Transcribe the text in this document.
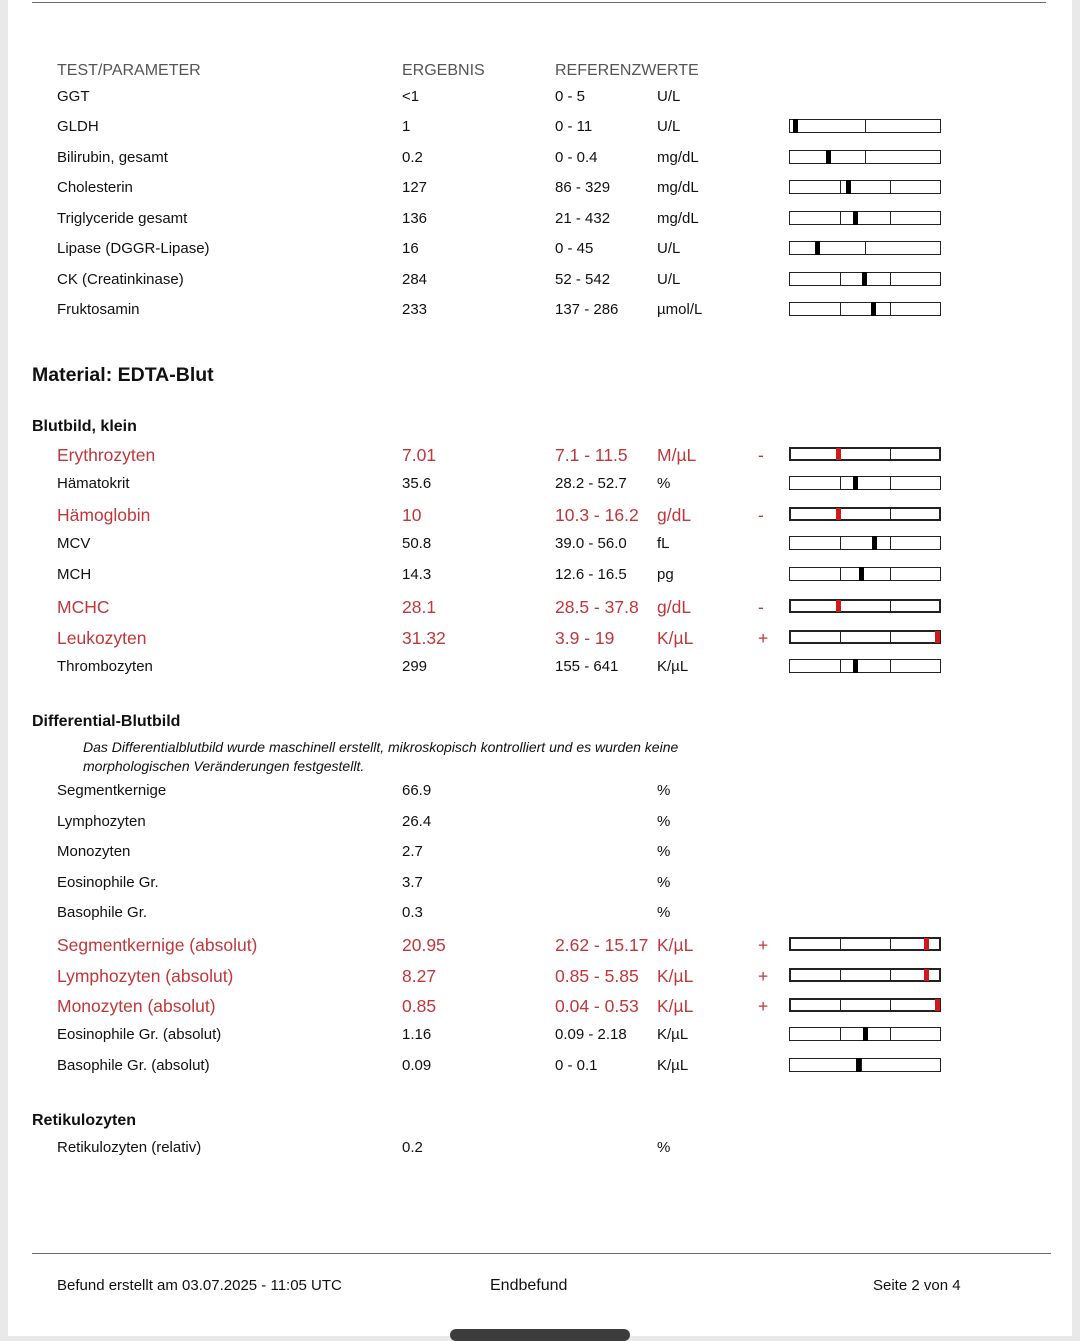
TEST/PARAMETER	ERGEBNIS	REFERENZWERTE
GGT	<1	0 - 5	U/L
GLDH	1	0 - 11	U/L
Bilirubin, gesamt	0.2	0 - 0.4	mg/dL
Cholesterin	127	86 - 329	mg/dL
Triglyceride gesamt	136	21 - 432	mg/dL
Lipase (DGGR-Lipase)	16	0 - 45	U/L
CK (Creatinkinase)	284	52 - 542	U/L
Fruktosamin	233	137 - 286	µmol/L
Material: EDTA-Blut
Blutbild, klein
Erythrozyten	7.01	7.1 - 11.5 M/µL	-
Hämatokrit	35.6	28.2 - 52.7 %
Hämoglobin	10	10.3 - 16.2 g/dL	-
MCV	50.8	39.0 - 56.0 fL
MCH	14.3	12.6 - 16.5 pg
MCHC	28.1	28.5 - 37.8 g/dL	-
Leukozyten	31.32	3.9 - 19 K/µL	+
Thrombozyten	299	155 - 641	K/µL
Differential-Blutbild
Das Differentialblutbild wurde maschinell erstellt, mikroskopisch kontrolliert und es wurden keine morphologischen Veränderungen festgestellt.
Segmentkernige	66.9	%
Lymphozyten	26.4	%
Monozyten	2.7	%
Eosinophile Gr.	3.7	%
Basophile Gr.	0.3	%
Segmentkernige (absolut)	20.95	2.62 - 15.17 K/µL	+
Lymphozyten (absolut)	8.27	0.85 - 5.85 K/µL	+
Monozyten (absolut)	0.85	0.04 - 0.53 K/µL	+
Eosinophile Gr. (absolut)	1.16	0.09 - 2.18 K/µL
Basophile Gr. (absolut)	0.09	0 - 0.1	K/µL
Retikulozyten
Retikulozyten (relativ)	0.2	%
Befund erstellt am 03.07.2025 - 11:05 UTC	Endbefund	Seite 2 von 4
